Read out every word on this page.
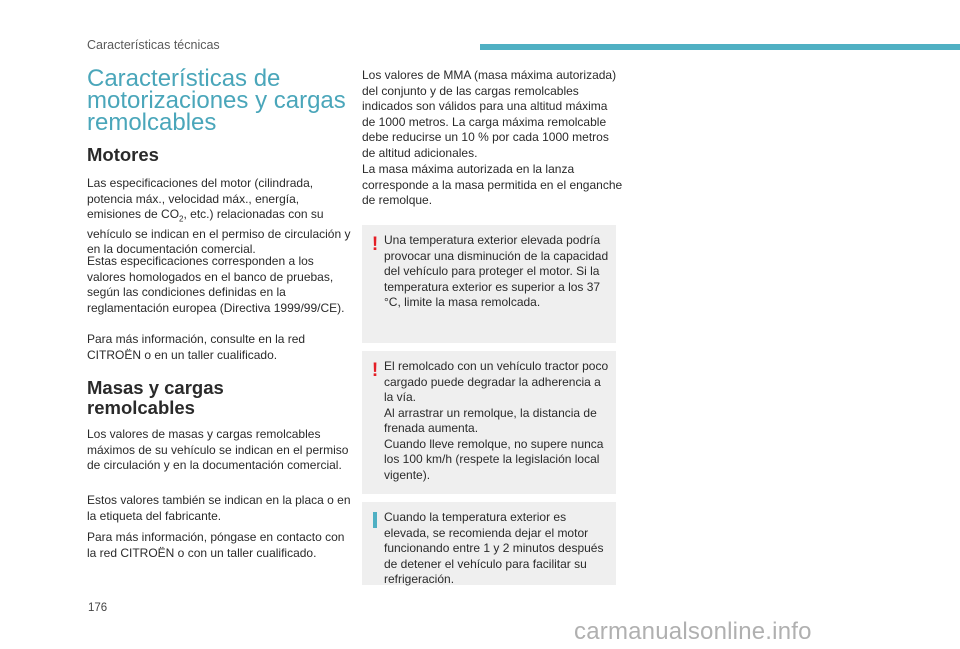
Características técnicas
Características de
motorizaciones y cargas
remolcables
Motores

Las especificaciones del motor (cilindrada, potencia máx., velocidad máx., energía, emisiones de $CO_2$, etc.) relacionadas con su vehículo se indican en el permiso de circulación y en la documentación comercial.

Estas especificaciones corresponden a los valores homologados en el banco de pruebas, según las condiciones definidas en la reglamentación europea (Directiva 1999/99/CE).

Para más información, consulte en la red CITROËN o en un taller cualificado.

Masas y cargas
remolcables

Los valores de masas y cargas remolcables máximos de su vehículo se indican en el permiso de circulación y en la documentación comercial.

Estos valores también se indican en la placa o en la etiqueta del fabricante.

Para más información, póngase en contacto con la red CITROËN o con un taller cualificado.

Los valores de MMA (masa máxima autorizada) del conjunto y de las cargas remolcables indicados son válidos para una altitud máxima de 1000 metros. La carga máxima remolcable debe reducirse un 10 % por cada 1000 metros de altitud adicionales.

La masa máxima autorizada en la lanza corresponde a la masa permitida en el enganche de remolque.

! Una temperatura exterior elevada podría provocar una disminución de la capacidad del vehículo para proteger el motor. Si la temperatura exterior es superior a los 37 °C, limite la masa remolcada.
! El remolcado con un vehículo tractor poco cargado puede degradar la adherencia a la vía.
Al arrastrar un remolque, la distancia de frenada aumenta.
Cuando lleve remolque, no supere nunca los 100 km/h (respete la legislación local vigente).
Cuando la temperatura exterior es elevada, se recomienda dejar el motor funcionando entre 1 y 2 minutos después de detener el vehículo para facilitar su refrigeración.
176
carmanualsonline.info
